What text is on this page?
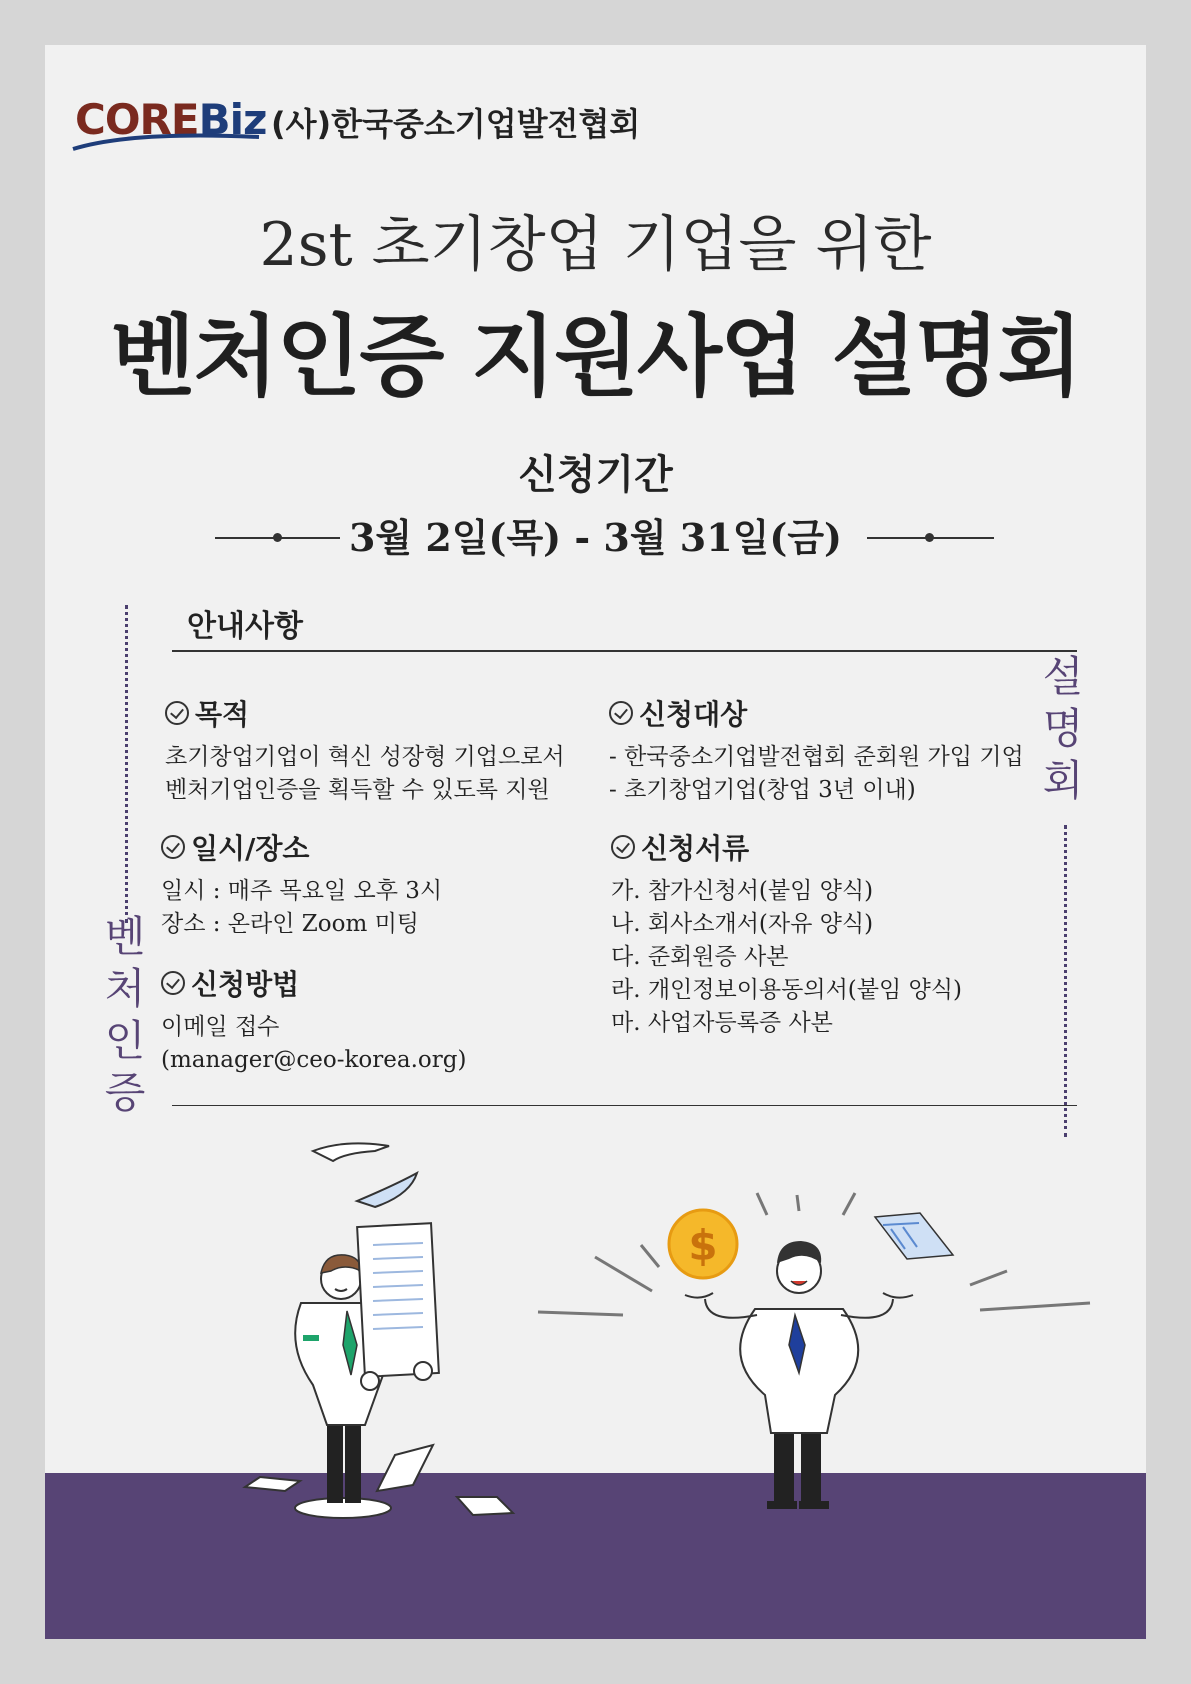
COREBiz (사)한국중소기업발전협회
2st 초기창업 기업을 위한
벤처인증 지원사업 설명회
신청기간
3월 2일(목) - 3월 31일(금)
벤
처
인
증
설
명
회
안내사항
목적
초기창업기업이 혁신 성장형 기업으로서
벤처기업인증을 획득할 수 있도록 지원
일시/장소
일시 : 매주 목요일 오후 3시
장소 : 온라인 Zoom 미팅
신청방법
이메일 접수
(manager@ceo-korea.org)
신청대상
- 한국중소기업발전협회 준회원 가입 기업
- 초기창업기업(창업 3년 이내)
신청서류
가. 참가신청서(붙임 양식)
나. 회사소개서(자유 양식)
다. 준회원증 사본
라. 개인정보이용동의서(붙임 양식)
마. 사업자등록증 사본
$
